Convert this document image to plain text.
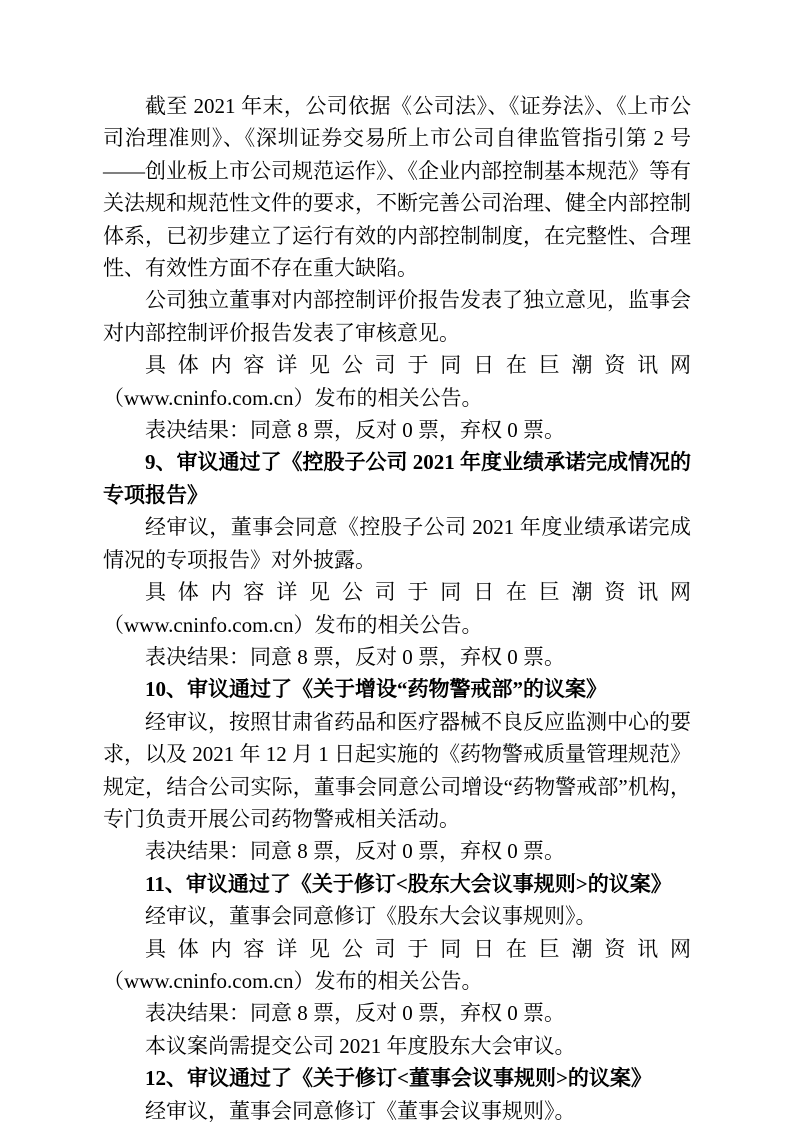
截至 2021 年末，公司依据《公司法》、《证券法》、《上市公司治理准则》、《深圳证券交易所上市公司自律监管指引第 2 号——创业板上市公司规范运作》、《企业内部控制基本规范》等有关法规和规范性文件的要求，不断完善公司治理、健全内部控制体系，已初步建立了运行有效的内部控制制度，在完整性、合理性、有效性方面不存在重大缺陷。

公司独立董事对内部控制评价报告发表了独立意见，监事会对内部控制评价报告发表了审核意见。

具体内容详见公司于同日在巨潮资讯网（www.cninfo.com.cn）发布的相关公告。

表决结果：同意 8 票，反对 0 票，弃权 0 票。

9、审议通过了《控股子公司 2021 年度业绩承诺完成情况的专项报告》

经审议，董事会同意《控股子公司 2021 年度业绩承诺完成情况的专项报告》对外披露。

具体内容详见公司于同日在巨潮资讯网（www.cninfo.com.cn）发布的相关公告。

表决结果：同意 8 票，反对 0 票，弃权 0 票。

10、审议通过了《关于增设“药物警戒部”的议案》

经审议，按照甘肃省药品和医疗器械不良反应监测中心的要求，以及 2021 年 12 月 1 日起实施的《药物警戒质量管理规范》规定，结合公司实际，董事会同意公司增设“药物警戒部”机构，专门负责开展公司药物警戒相关活动。

表决结果：同意 8 票，反对 0 票，弃权 0 票。

11、审议通过了《关于修订<股东大会议事规则>的议案》

经审议，董事会同意修订《股东大会议事规则》。

具体内容详见公司于同日在巨潮资讯网（www.cninfo.com.cn）发布的相关公告。

表决结果：同意 8 票，反对 0 票，弃权 0 票。

本议案尚需提交公司 2021 年度股东大会审议。

12、审议通过了《关于修订<董事会议事规则>的议案》

经审议，董事会同意修订《董事会议事规则》。
